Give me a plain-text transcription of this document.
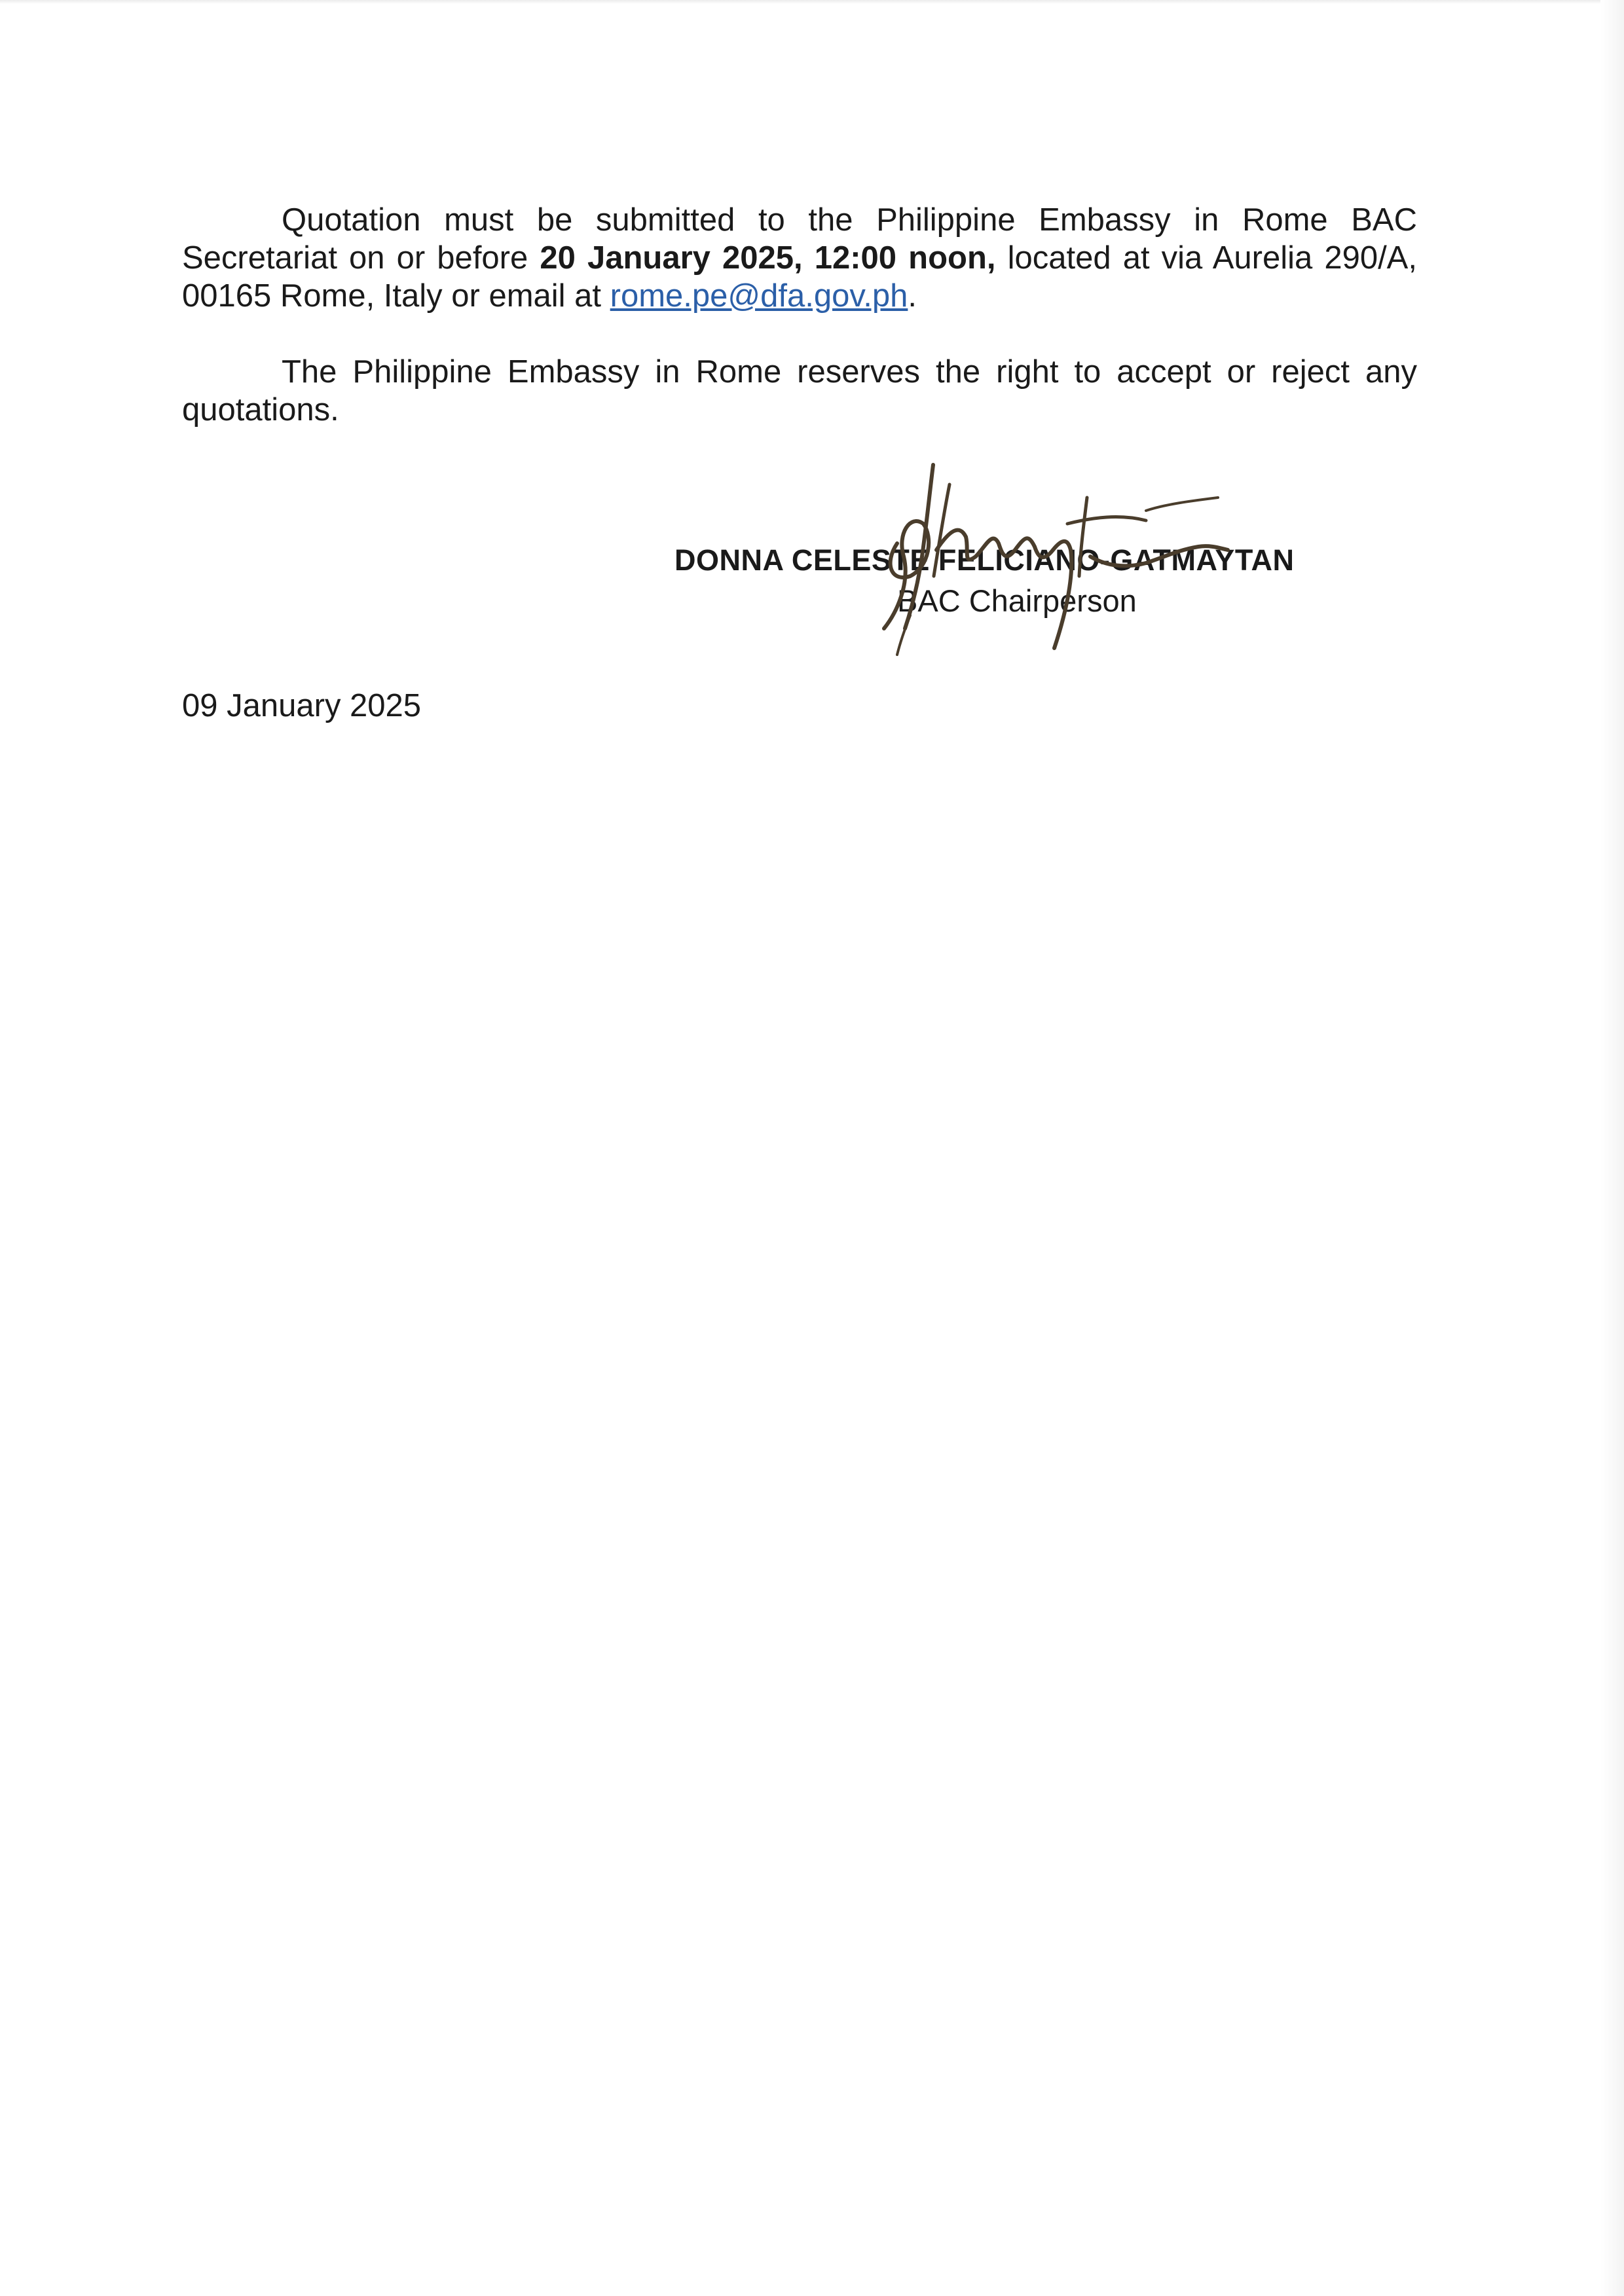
Quotation must be submitted to the Philippine Embassy in Rome BAC Secretariat on or before 20 January 2025, 12:00 noon, located at via Aurelia 290/A, 00165 Rome, Italy or email at rome.pe@dfa.gov.ph.

The Philippine Embassy in Rome reserves the right to accept or reject any quotations.

DONNA CELESTE FELICIANO-GATMAYTAN
BAC Chairperson

09 January 2025
